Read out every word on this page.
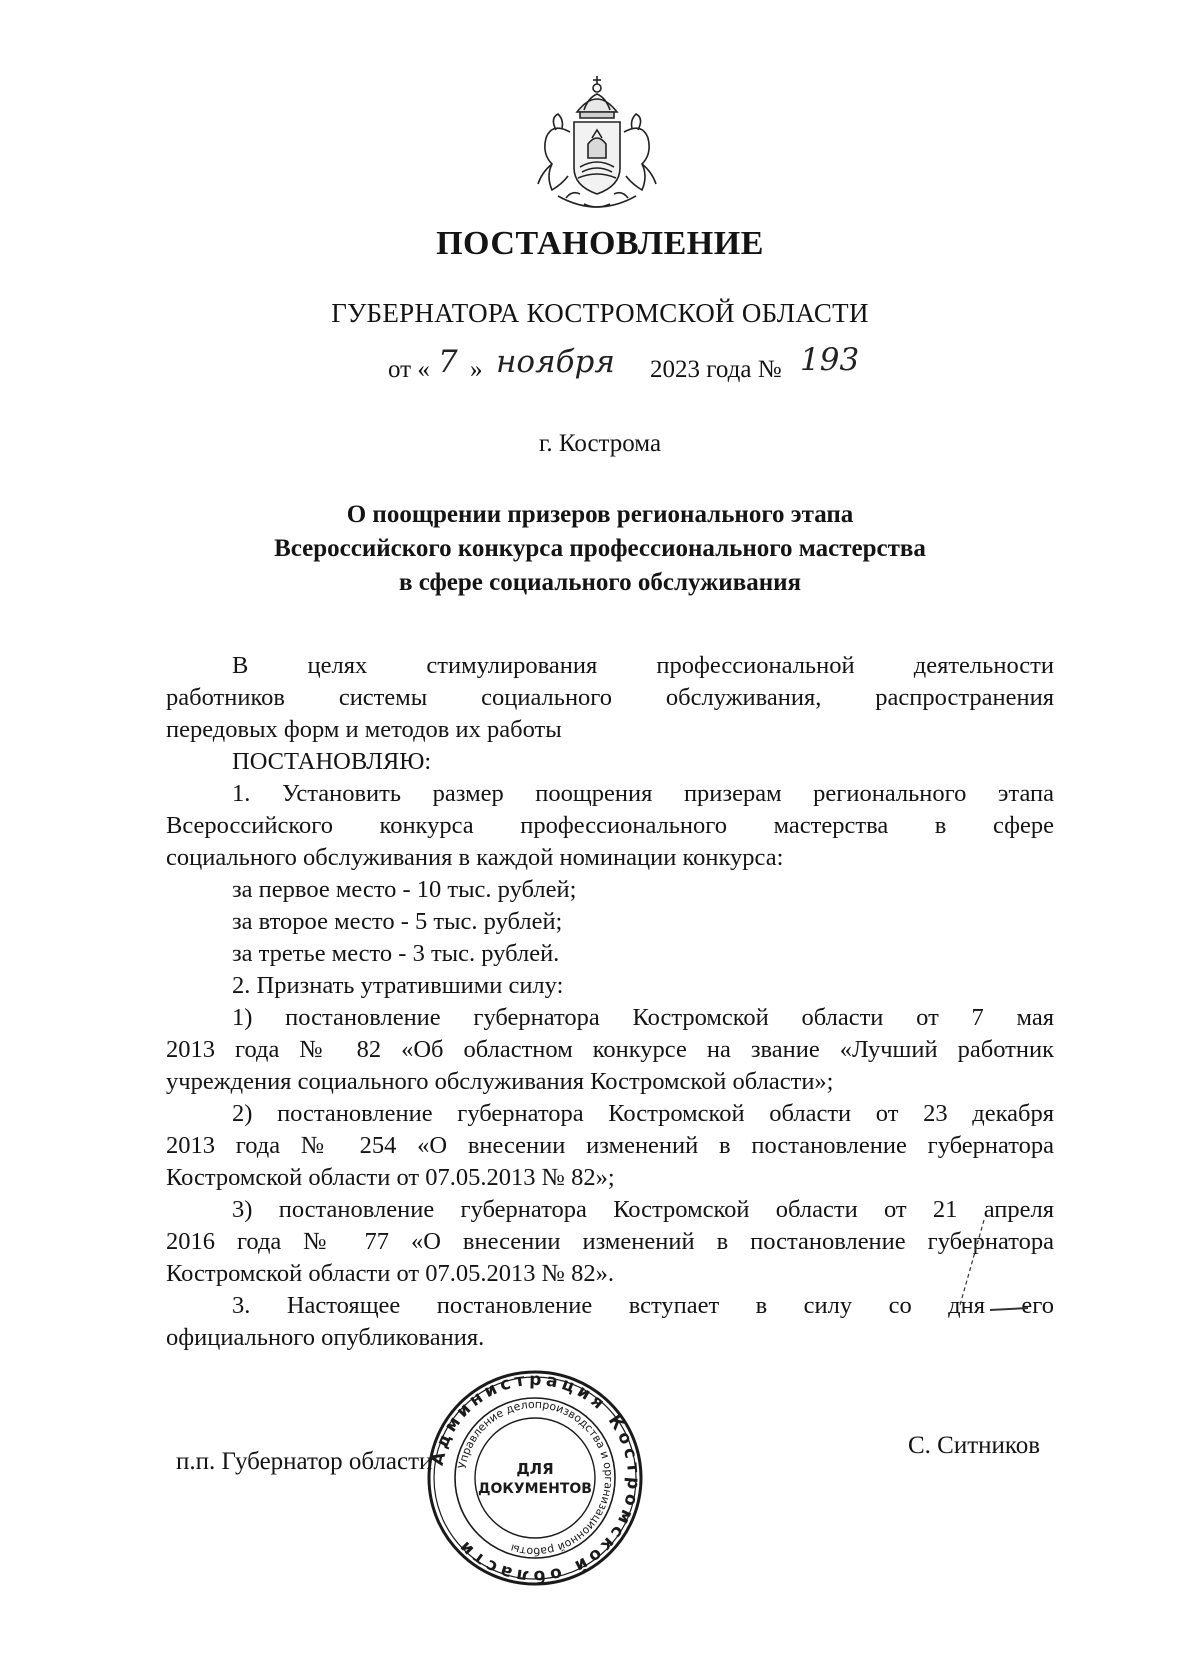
ПОСТАНОВЛЕНИЕ
ГУБЕРНАТОРА КОСТРОМСКОЙ ОБЛАСТИ
от « 7 » ноября 2023 года № 193
г. Кострома
О поощрении призеров регионального этапа
Всероссийского конкурса профессионального мастерства
в сфере социального обслуживания

В целях стимулирования профессиональной деятельности

работников системы социального обслуживания, распространения

передовых форм и методов их работы

ПОСТАНОВЛЯЮ:

1. Установить размер поощрения призерам регионального этапа

Всероссийского конкурса профессионального мастерства в сфере

социального обслуживания в каждой номинации конкурса:

за первое место - 10 тыс. рублей;

за второе место - 5 тыс. рублей;

за третье место - 3 тыс. рублей.

2. Признать утратившими силу:

1) постановление губернатора Костромской области от 7 мая

2013 года № 82 «Об областном конкурсе на звание «Лучший работник

учреждения социального обслуживания Костромской области»;

2) постановление губернатора Костромской области от 23 декабря

2013 года № 254 «О внесении изменений в постановление губернатора

Костромской области от 07.05.2013 № 82»;

3) постановление губернатора Костромской области от 21 апреля

2016 года № 77 «О внесении изменений в постановление губернатора

Костромской области от 07.05.2013 № 82».

3. Настоящее постановление вступает в силу со дня его

официального опубликования.

п.п. Губернатор области
С. Ситников
Администрация Костромской области
Управление делопроизводства и организационной работы
ДЛЯ
ДОКУМЕНТОВ
